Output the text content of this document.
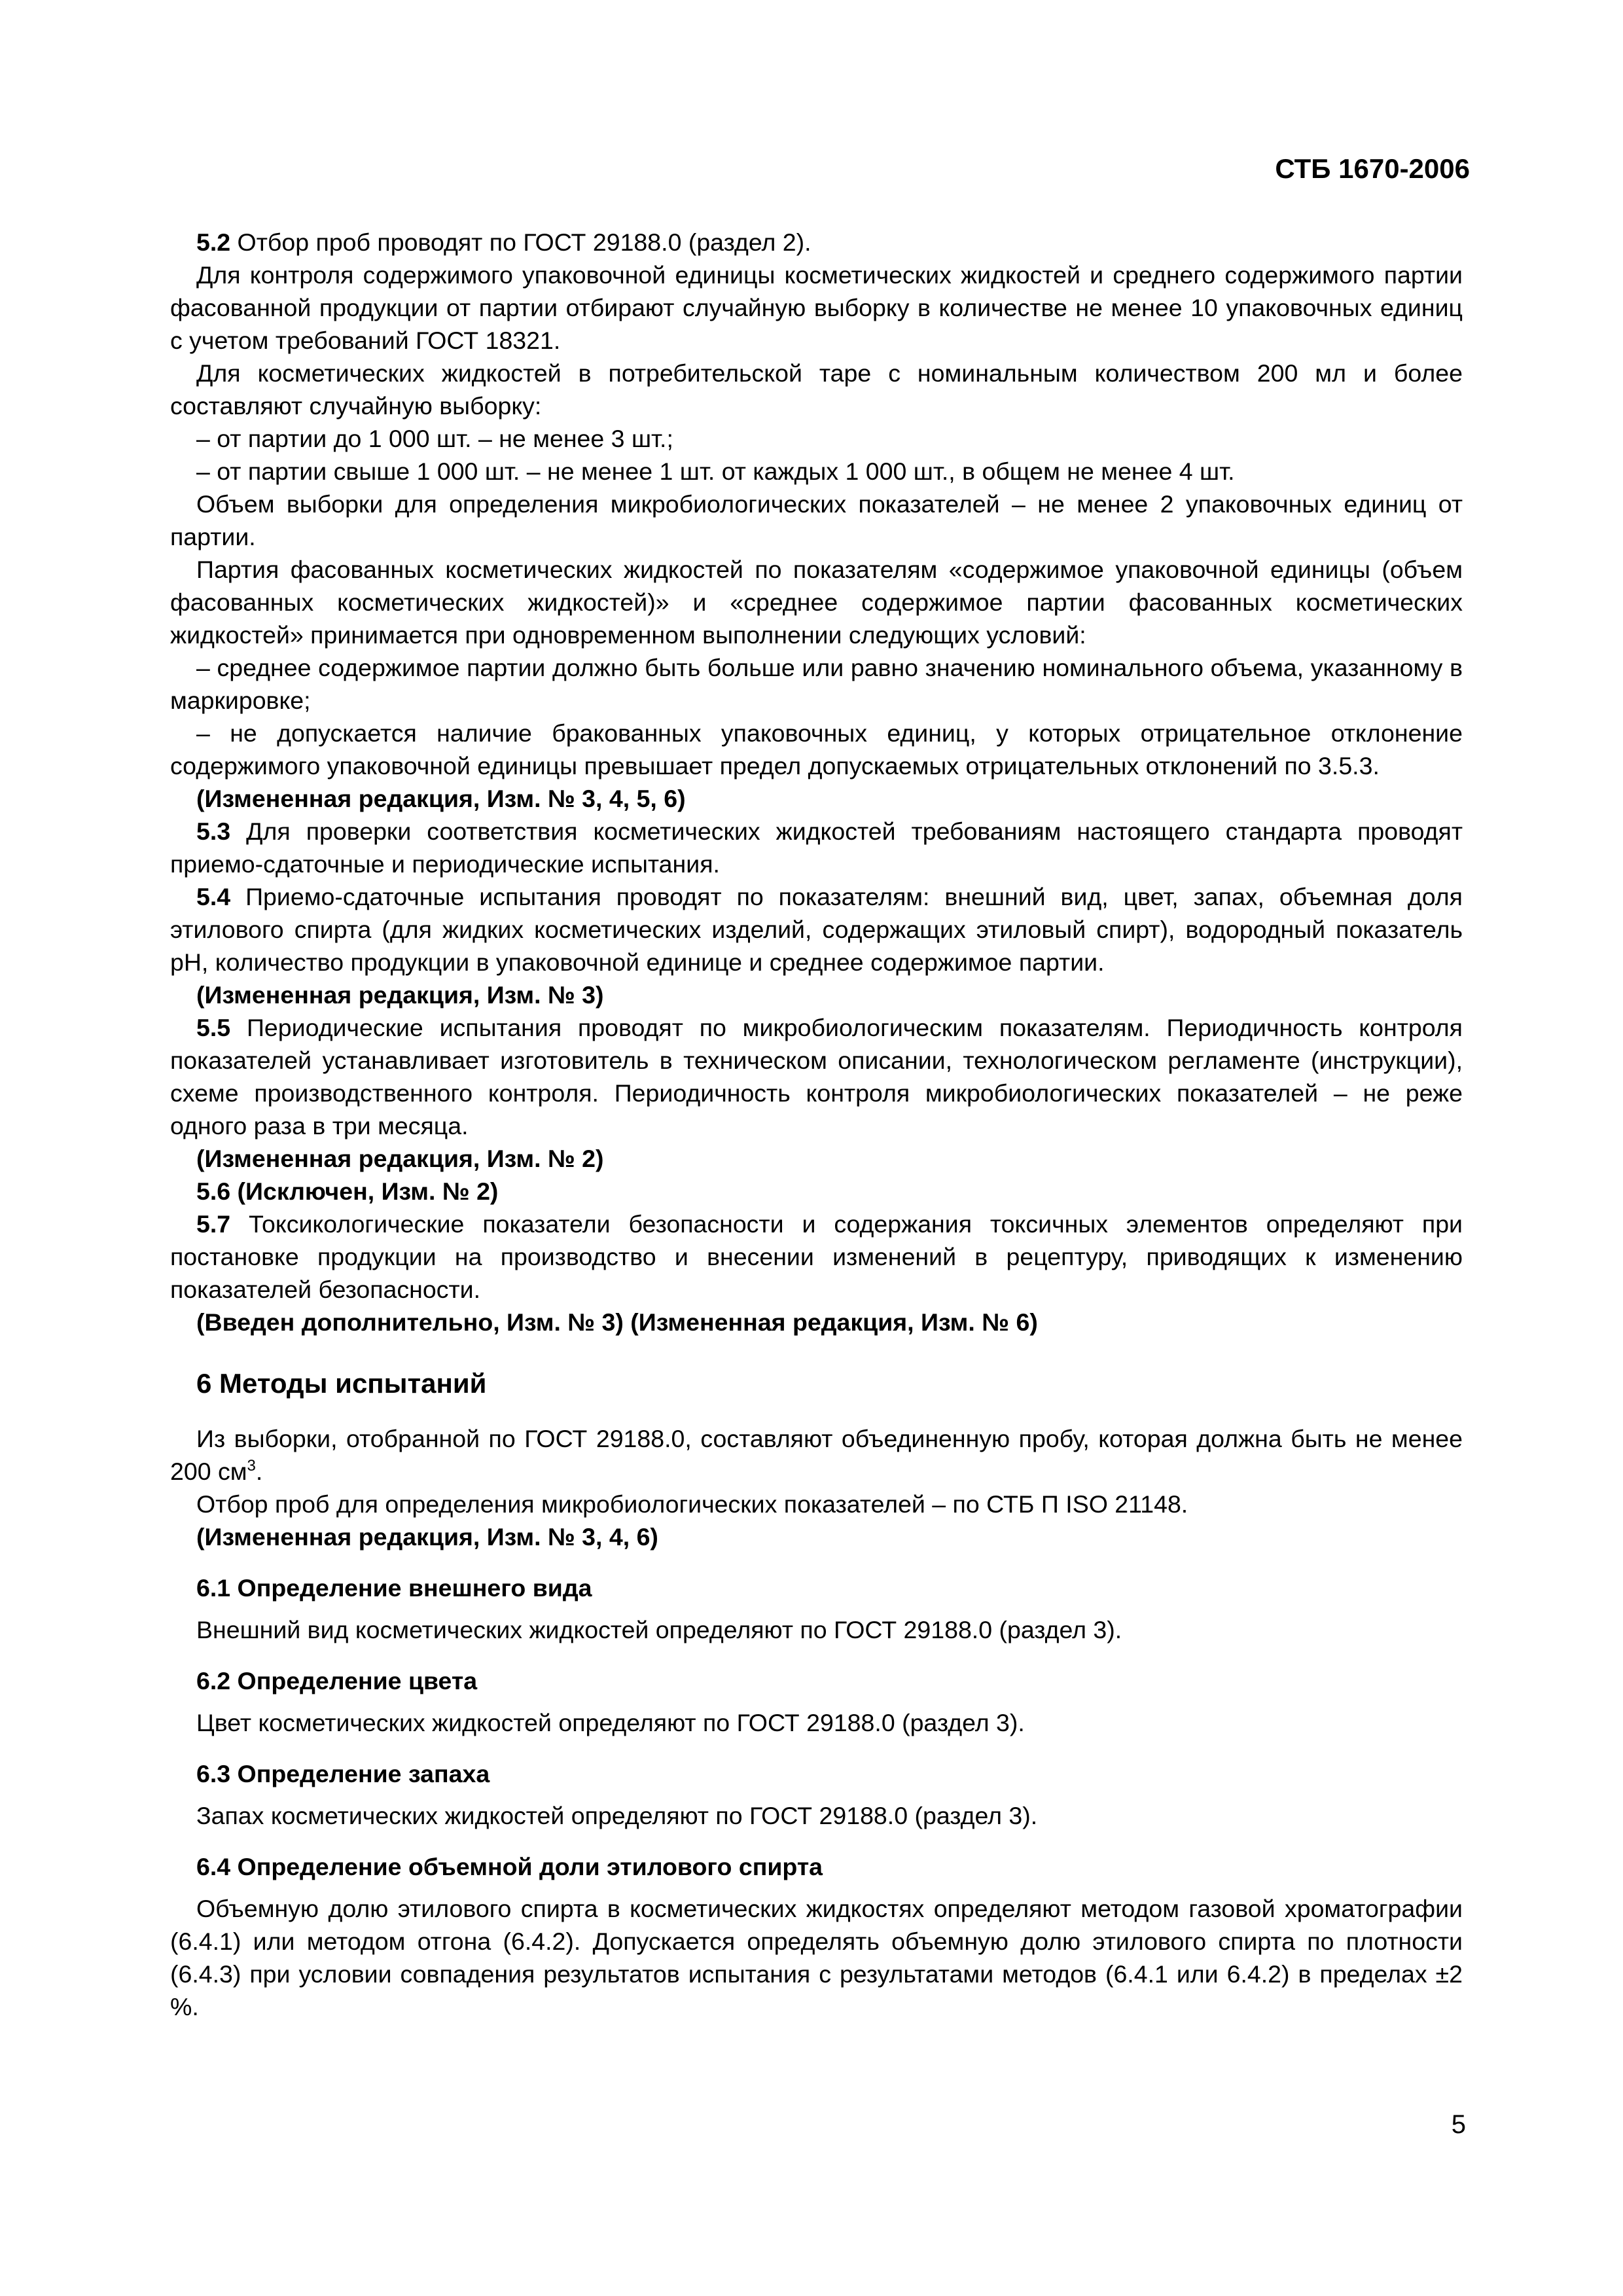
СТБ 1670-2006

5.2 Отбор проб проводят по ГОСТ 29188.0 (раздел 2).

Для контроля содержимого упаковочной единицы косметических жидкостей и среднего содержимого партии фасованной продукции от партии отбирают случайную выборку в количестве не менее 10 упаковочных единиц с учетом требований ГОСТ 18321.

Для косметических жидкостей в потребительской таре с номинальным количеством 200 мл и более составляют случайную выборку:

– от партии до 1 000 шт. – не менее 3 шт.;

– от партии свыше 1 000 шт. – не менее 1 шт. от каждых 1 000 шт., в общем не менее 4 шт.

Объем выборки для определения микробиологических показателей – не менее 2 упаковочных единиц от партии.

Партия фасованных косметических жидкостей по показателям «содержимое упаковочной единицы (объем фасованных косметических жидкостей)» и «среднее содержимое партии фасованных косметических жидкостей» принимается при одновременном выполнении следующих условий:

– среднее содержимое партии должно быть больше или равно значению номинального объема, указанному в маркировке;

– не допускается наличие бракованных упаковочных единиц, у которых отрицательное отклонение содержимого упаковочной единицы превышает предел допускаемых отрицательных отклонений по 3.5.3.

(Измененная редакция, Изм. № 3, 4, 5, 6)

5.3 Для проверки соответствия косметических жидкостей требованиям настоящего стандарта проводят приемо-сдаточные и периодические испытания.

5.4 Приемо-сдаточные испытания проводят по показателям: внешний вид, цвет, запах, объемная доля этилового спирта (для жидких косметических изделий, содержащих этиловый спирт), водородный показатель pH, количество продукции в упаковочной единице и среднее содержимое партии.

(Измененная редакция, Изм. № 3)

5.5 Периодические испытания проводят по микробиологическим показателям. Периодичность контроля показателей устанавливает изготовитель в техническом описании, технологическом регламенте (инструкции), схеме производственного контроля. Периодичность контроля микробиологических показателей – не реже одного раза в три месяца.

(Измененная редакция, Изм. № 2)

5.6 (Исключен, Изм. № 2)

5.7 Токсикологические показатели безопасности и содержания токсичных элементов определяют при постановке продукции на производство и внесении изменений в рецептуру, приводящих к изменению показателей безопасности.

(Введен дополнительно, Изм. № 3) (Измененная редакция, Изм. № 6)

6 Методы испытаний

Из выборки, отобранной по ГОСТ 29188.0, составляют объединенную пробу, которая должна быть не менее 200 $см^3$.

Отбор проб для определения микробиологических показателей – по СТБ П ISO 21148.

(Измененная редакция, Изм. № 3, 4, 6)

6.1 Определение внешнего вида

Внешний вид косметических жидкостей определяют по ГОСТ 29188.0 (раздел 3).

6.2 Определение цвета

Цвет косметических жидкостей определяют по ГОСТ 29188.0 (раздел 3).

6.3 Определение запаха

Запах косметических жидкостей определяют по ГОСТ 29188.0 (раздел 3).

6.4 Определение объемной доли этилового спирта

Объемную долю этилового спирта в косметических жидкостях определяют методом газовой хроматографии (6.4.1) или методом отгона (6.4.2). Допускается определять объемную долю этилового спирта по плотности (6.4.3) при условии совпадения результатов испытания с результатами методов (6.4.1 или 6.4.2) в пределах ±2 %.

5
